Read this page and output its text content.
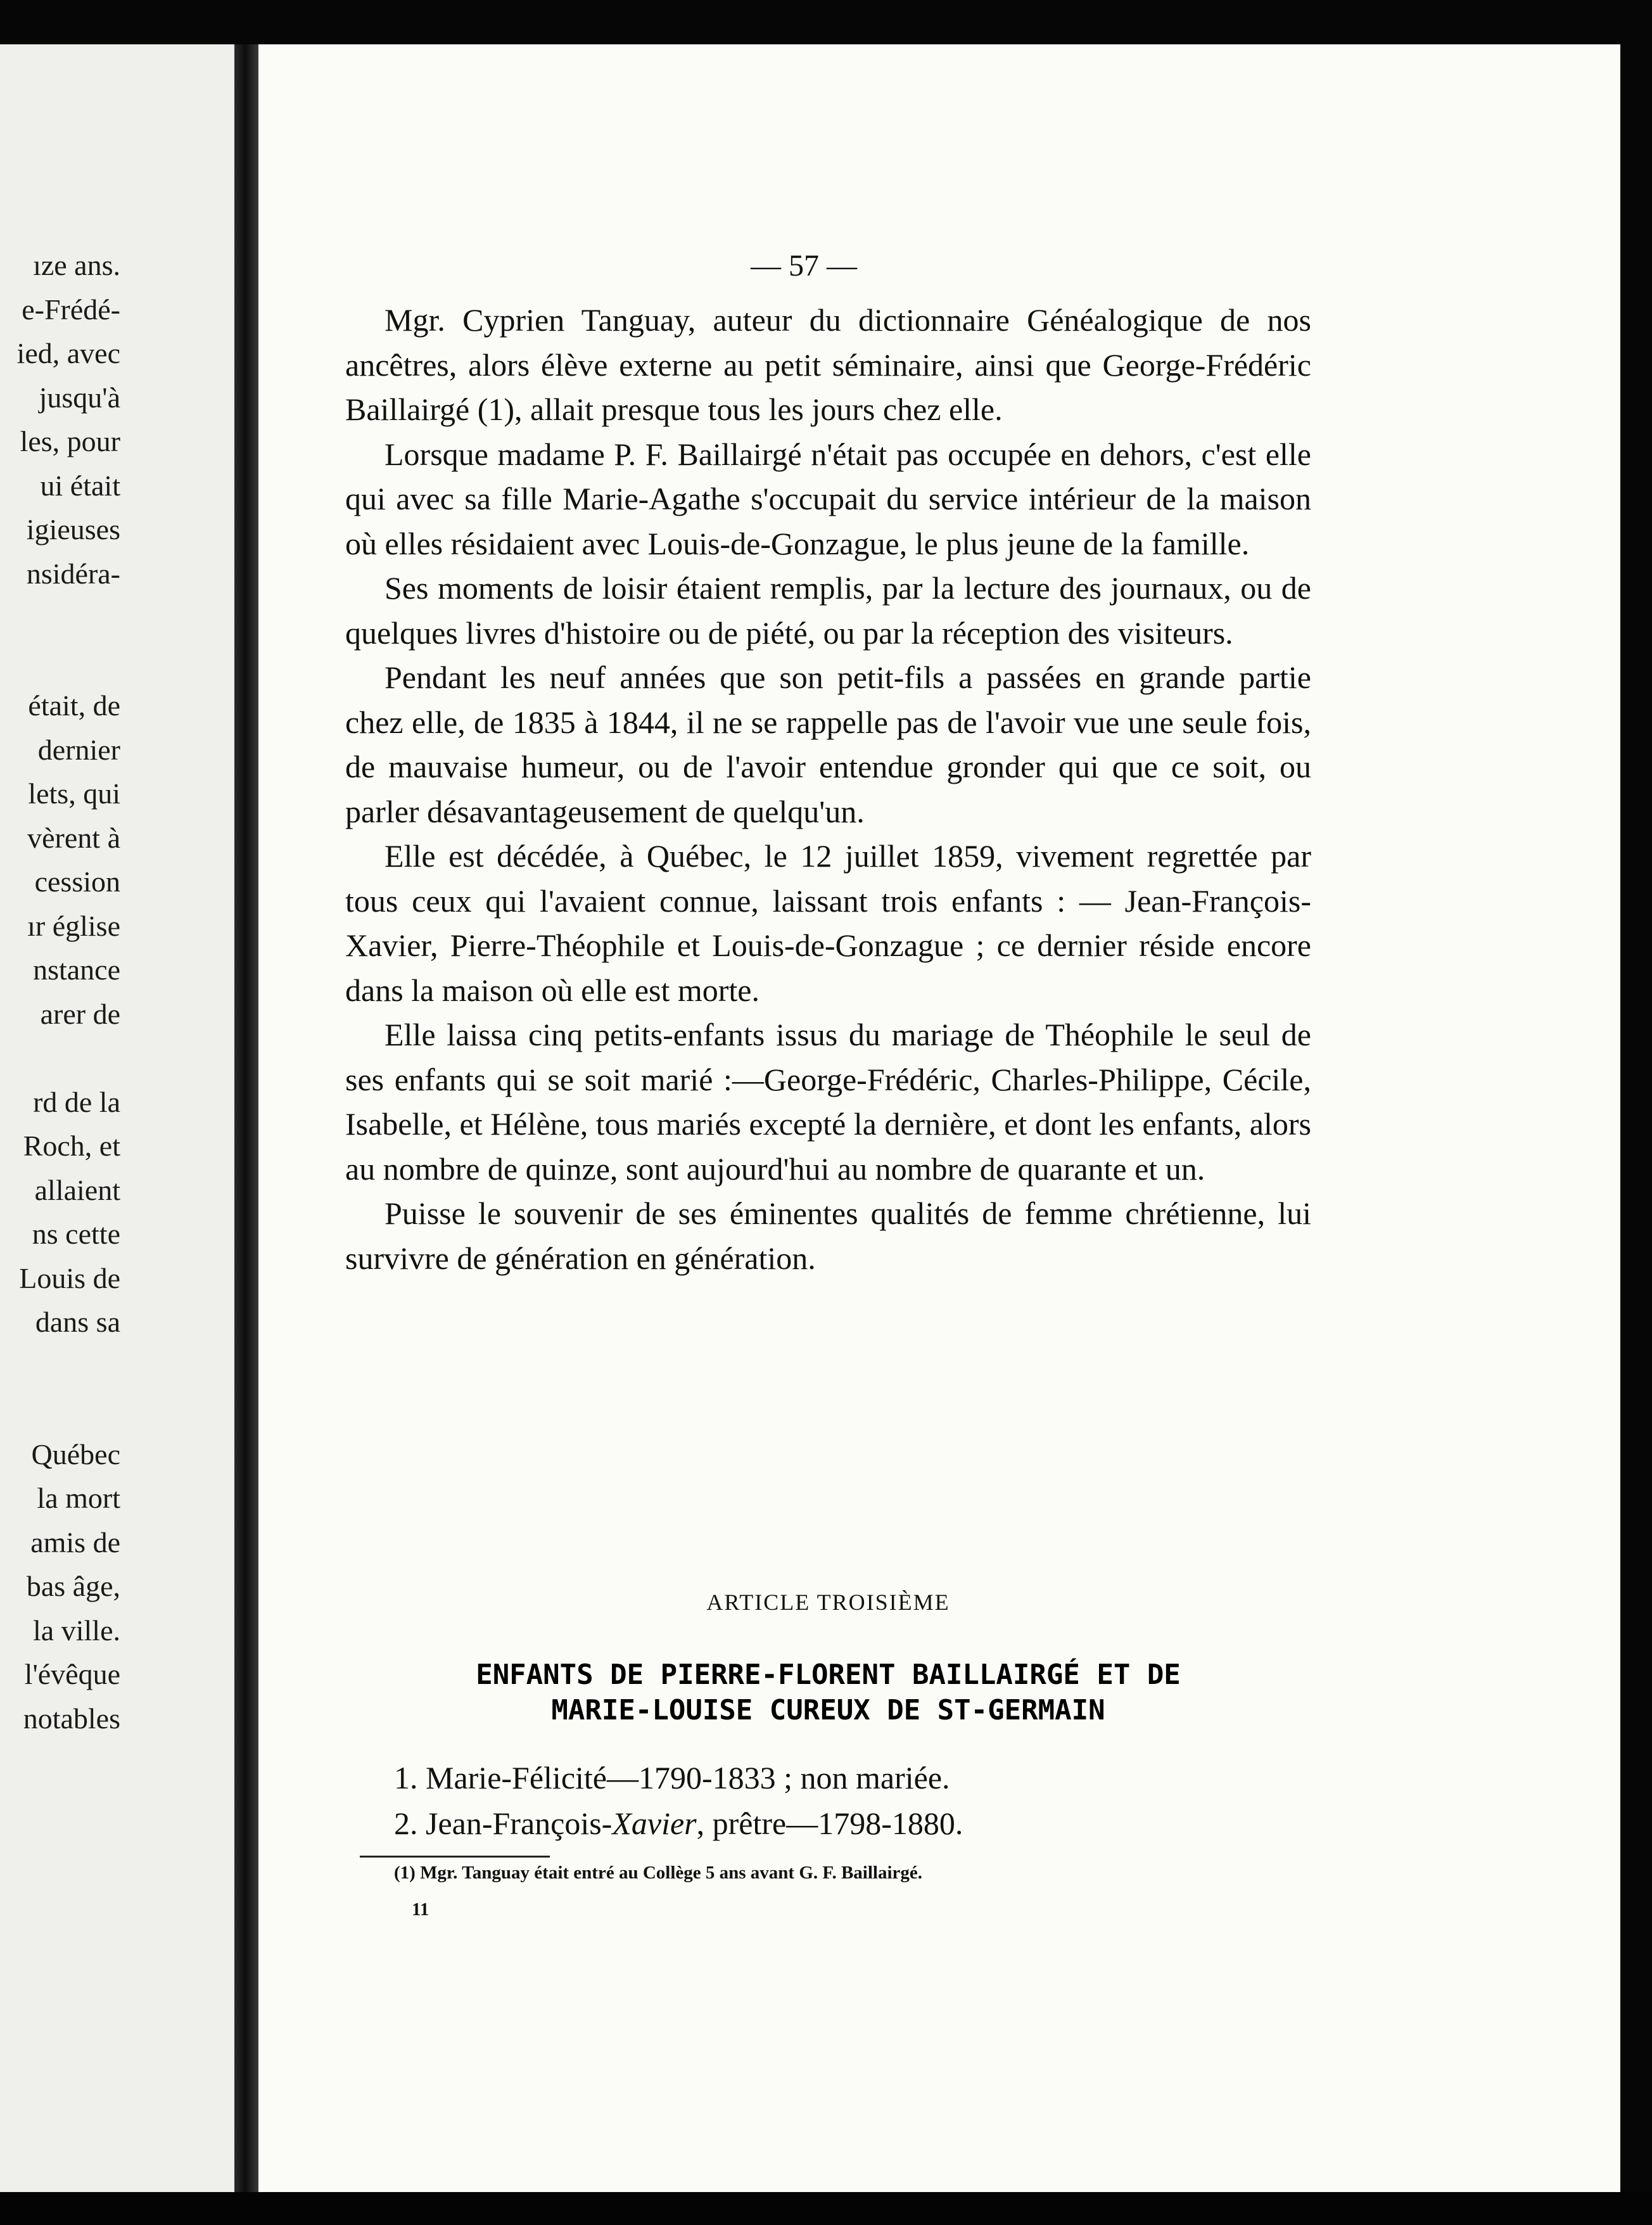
ıze ans.
e-Frédé-
ied, avec
jusqu'à
les, pour
ui était
igieuses
nsidéra-
était, de
dernier
lets, qui
vèrent à
cession
ır église
nstance
arer de
rd de la
Roch, et
allaient
ns cette
Louis de
dans sa
Québec
la mort
amis de
bas âge,
la ville.
l'évêque
notables
— 57 —

Mgr. Cyprien Tanguay, auteur du dictionnaire Généalogique de nos ancêtres, alors élève externe au petit séminaire, ainsi que George-Frédéric Baillairgé (1), allait presque tous les jours chez elle.

Lorsque madame P. F. Baillairgé n'était pas occupée en dehors, c'est elle qui avec sa fille Marie-Agathe s'occupait du service intérieur de la maison où elles résidaient avec Louis-de-Gonzague, le plus jeune de la famille.

Ses moments de loisir étaient remplis, par la lecture des journaux, ou de quelques livres d'histoire ou de piété, ou par la réception des visiteurs.

Pendant les neuf années que son petit-fils a passées en grande partie chez elle, de 1835 à 1844, il ne se rappelle pas de l'avoir vue une seule fois, de mauvaise humeur, ou de l'avoir entendue gronder qui que ce soit, ou parler désavantageusement de quelqu'un.

Elle est décédée, à Québec, le 12 juillet 1859, vivement regrettée par tous ceux qui l'avaient connue, laissant trois enfants : — Jean-François-Xavier, Pierre-Théophile et Louis-de-Gonzague ; ce dernier réside encore dans la maison où elle est morte.

Elle laissa cinq petits-enfants issus du mariage de Théophile le seul de ses enfants qui se soit marié :—George-Frédéric, Charles-Philippe, Cécile, Isabelle, et Hélène, tous mariés excepté la dernière, et dont les enfants, alors au nombre de quinze, sont aujourd'hui au nombre de quarante et un.

Puisse le souvenir de ses éminentes qualités de femme chrétienne, lui survivre de génération en génération.

ARTICLE TROISIÈME
ENFANTS DE PIERRE-FLORENT BAILLAIRGÉ ET DE
MARIE-LOUISE CUREUX DE ST-GERMAIN
1. Marie-Félicité—1790-1833 ; non mariée.
2. Jean-François-Xavier, prêtre—1798-1880.
(1) Mgr. Tanguay était entré au Collège 5 ans avant G. F. Baillairgé.
11
